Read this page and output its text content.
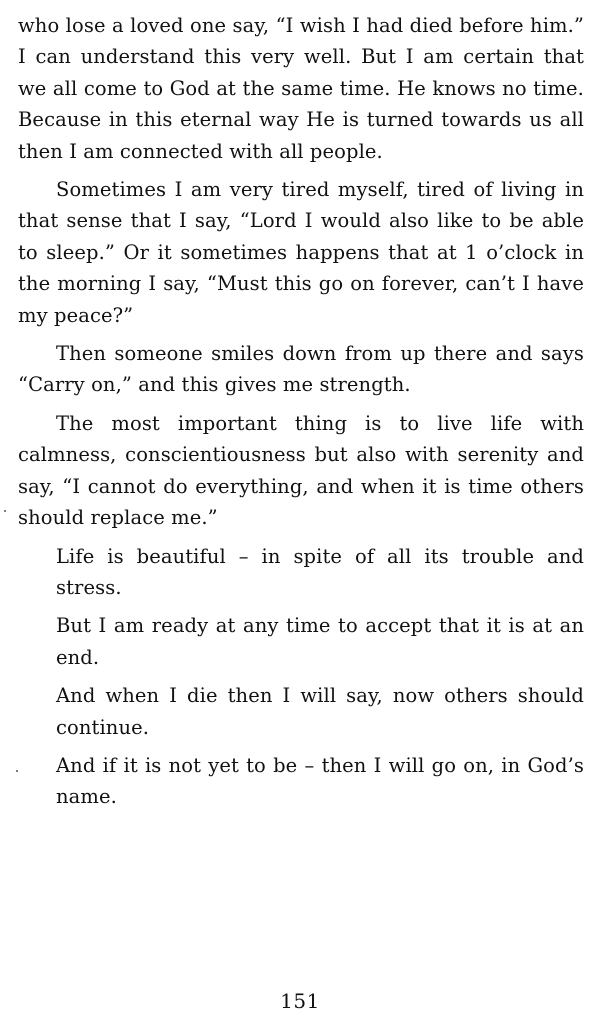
who lose a loved one say, “I wish I had died before him.” I can understand this very well. But I am certain that we all come to God at the same time. He knows no time. Because in this eternal way He is turned towards us all then I am connected with all people.

Sometimes I am very tired myself, tired of living in that sense that I say, “Lord I would also like to be able to sleep.” Or it sometimes happens that at 1 o’clock in the morning I say, “Must this go on forever, can’t I have my peace?”

Then someone smiles down from up there and says “Carry on,” and this gives me strength.

The most important thing is to live life with calmness, conscientiousness but also with serenity and say, “I cannot do everything, and when it is time others should replace me.”

Life is beautiful – in spite of all its trouble and stress.

But I am ready at any time to accept that it is at an end.

And when I die then I will say, now others should continue.

And if it is not yet to be – then I will go on, in God’s name.

151
